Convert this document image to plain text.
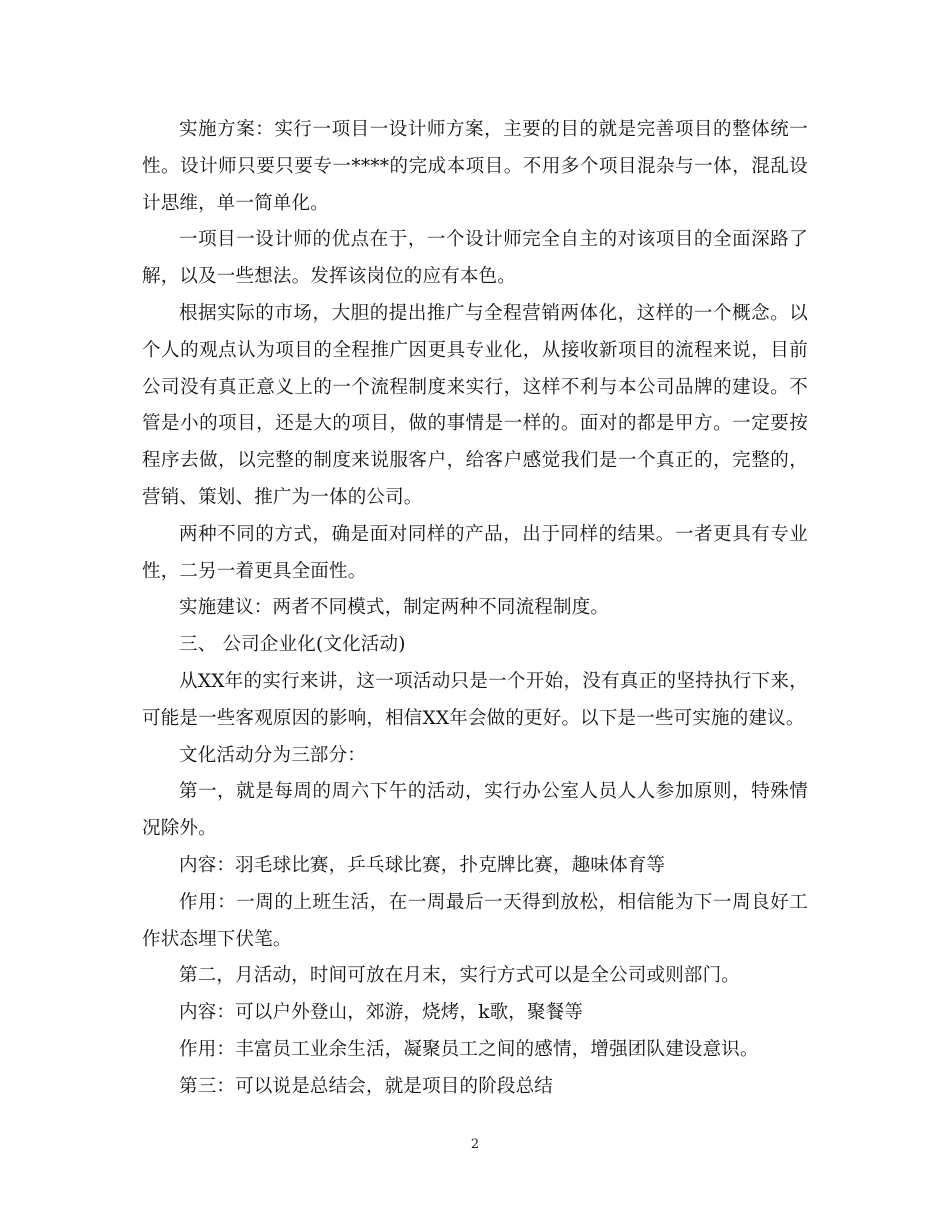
实施方案：实行一项目一设计师方案，主要的目的就是完善项目的整体统一性。设计师只要只要专一****的完成本项目。不用多个项目混杂与一体，混乱设计思维，单一简单化。

一项目一设计师的优点在于，一个设计师完全自主的对该项目的全面深路了解，以及一些想法。发挥该岗位的应有本色。

根据实际的市场，大胆的提出推广与全程营销两体化，这样的一个概念。以个人的观点认为项目的全程推广因更具专业化，从接收新项目的流程来说，目前公司没有真正意义上的一个流程制度来实行，这样不利与本公司品牌的建设。不管是小的项目，还是大的项目，做的事情是一样的。面对的都是甲方。一定要按程序去做，以完整的制度来说服客户，给客户感觉我们是一个真正的，完整的，营销、策划、推广为一体的公司。

两种不同的方式，确是面对同样的产品，出于同样的结果。一者更具有专业性，二另一着更具全面性。

实施建议：两者不同模式，制定两种不同流程制度。

三、 公司企业化(文化活动)

从XX年的实行来讲，这一项活动只是一个开始，没有真正的坚持执行下来，可能是一些客观原因的影响，相信XX年会做的更好。以下是一些可实施的建议。

文化活动分为三部分：

第一，就是每周的周六下午的活动，实行办公室人员人人参加原则，特殊情况除外。

内容：羽毛球比赛，乒乓球比赛，扑克牌比赛，趣味体育等

作用：一周的上班生活，在一周最后一天得到放松，相信能为下一周良好工作状态埋下伏笔。

第二，月活动，时间可放在月末，实行方式可以是全公司或则部门。

内容：可以户外登山，郊游，烧烤，k歌，聚餐等

作用：丰富员工业余生活，凝聚员工之间的感情，增强团队建设意识。

第三：可以说是总结会，就是项目的阶段总结

2
